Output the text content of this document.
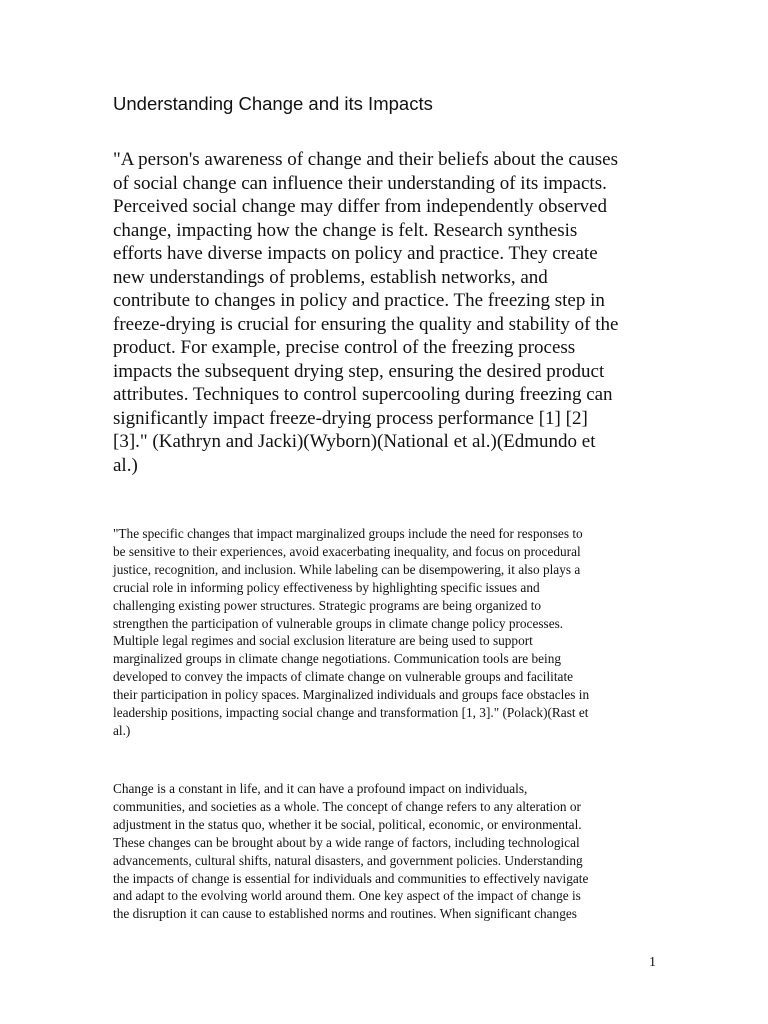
Understanding Change and its Impacts

"A person's awareness of change and their beliefs about the causes
of social change can influence their understanding of its impacts.
Perceived social change may differ from independently observed
change, impacting how the change is felt. Research synthesis
efforts have diverse impacts on policy and practice. They create
new understandings of problems, establish networks, and
contribute to changes in policy and practice. The freezing step in
freeze-drying is crucial for ensuring the quality and stability of the
product. For example, precise control of the freezing process
impacts the subsequent drying step, ensuring the desired product
attributes. Techniques to control supercooling during freezing can
significantly impact freeze-drying process performance [1] [2]
[3]." (Kathryn and Jacki)(Wyborn)(National et al.)(Edmundo et
al.)

"The specific changes that impact marginalized groups include the need for responses to
be sensitive to their experiences, avoid exacerbating inequality, and focus on procedural
justice, recognition, and inclusion. While labeling can be disempowering, it also plays a
crucial role in informing policy effectiveness by highlighting specific issues and
challenging existing power structures. Strategic programs are being organized to
strengthen the participation of vulnerable groups in climate change policy processes.
Multiple legal regimes and social exclusion literature are being used to support
marginalized groups in climate change negotiations. Communication tools are being
developed to convey the impacts of climate change on vulnerable groups and facilitate
their participation in policy spaces. Marginalized individuals and groups face obstacles in
leadership positions, impacting social change and transformation [1, 3]." (Polack)(Rast et
al.)

Change is a constant in life, and it can have a profound impact on individuals,
communities, and societies as a whole. The concept of change refers to any alteration or
adjustment in the status quo, whether it be social, political, economic, or environmental.
These changes can be brought about by a wide range of factors, including technological
advancements, cultural shifts, natural disasters, and government policies. Understanding
the impacts of change is essential for individuals and communities to effectively navigate
and adapt to the evolving world around them. One key aspect of the impact of change is
the disruption it can cause to established norms and routines. When significant changes

1
